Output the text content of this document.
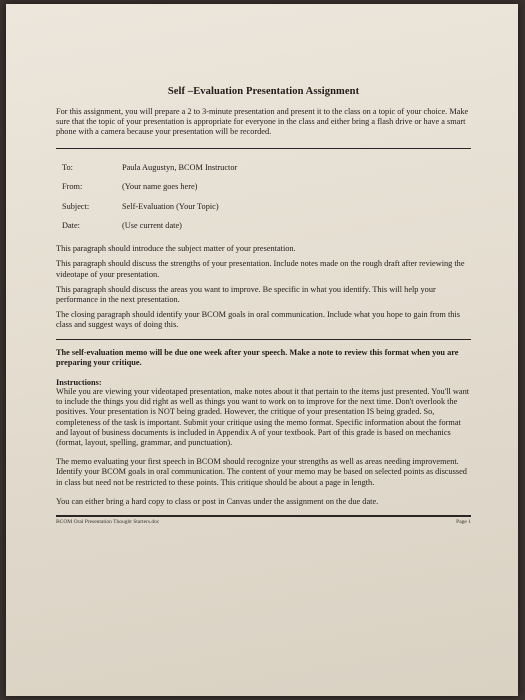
Self –Evaluation Presentation Assignment

For this assignment, you will prepare a 2 to 3-minute presentation and present it to the class on a topic of your choice. Make sure that the topic of your presentation is appropriate for everyone in the class and either bring a flash drive or have a smart phone with a camera because your presentation will be recorded.

To:	Paula Augustyn, BCOM Instructor
From:	(Your name goes here)
Subject:	Self-Evaluation (Your Topic)
Date:	(Use current date)

This paragraph should introduce the subject matter of your presentation.

This paragraph should discuss the strengths of your presentation. Include notes made on the rough draft after reviewing the videotape of your presentation.

This paragraph should discuss the areas you want to improve. Be specific in what you identify. This will help your performance in the next presentation.

The closing paragraph should identify your BCOM goals in oral communication. Include what you hope to gain from this class and suggest ways of doing this.

The self-evaluation memo will be due one week after your speech. Make a note to review this format when you are preparing your critique.

Instructions:

While you are viewing your videotaped presentation, make notes about it that pertain to the items just presented. You'll want to include the things you did right as well as things you want to work on to improve for the next time. Don't overlook the positives. Your presentation is NOT being graded. However, the critique of your presentation IS being graded. So, completeness of the task is important. Submit your critique using the memo format. Specific information about the format and layout of business documents is included in Appendix A of your textbook. Part of this grade is based on mechanics (format, layout, spelling, grammar, and punctuation).

The memo evaluating your first speech in BCOM should recognize your strengths as well as areas needing improvement. Identify your BCOM goals in oral communication. The content of your memo may be based on selected points as discussed in class but need not be restricted to these points. This critique should be about a page in length.

You can either bring a hard copy to class or post in Canvas under the assignment on the due date.

BCOM Oral Presentation Thought Starters.doc	Page 1
